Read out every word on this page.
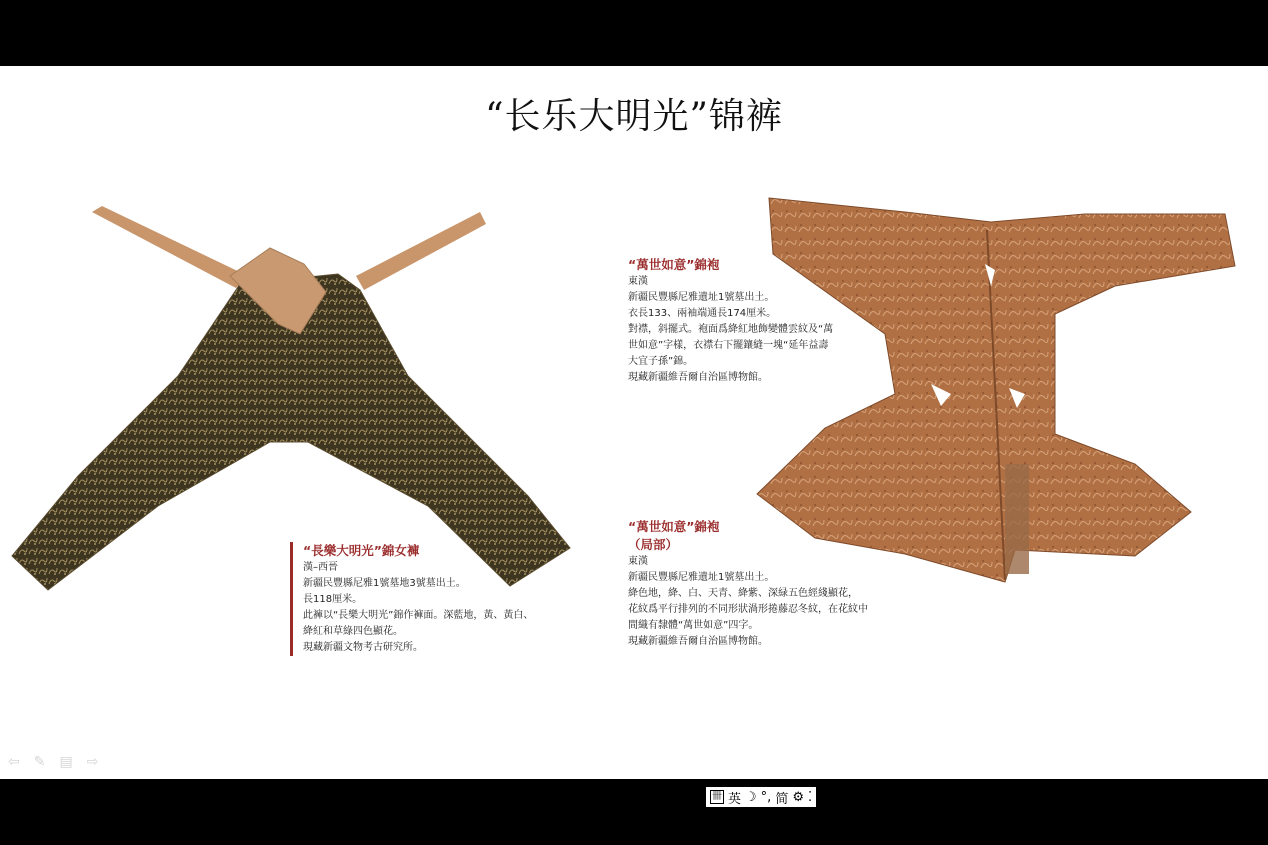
“长乐大明光”锦裤
“長樂大明光”錦女褲
漢–西晉
新疆民豐縣尼雅1號墓地3號墓出土。
長118厘米。
此褲以“長樂大明光”錦作褲面。深藍地，黃、黃白、
絳紅和草綠四色顯花。
現藏新疆文物考古研究所。
“萬世如意”錦袍
東漢
新疆民豐縣尼雅遺址1號墓出土。
衣長133、兩袖端通長174厘米。
對襟，斜擺式。袍面爲絳紅地飾變體雲紋及“萬
世如意”字樣，衣襟右下擺鑲縫一塊“延年益壽
大宜子孫”錦。
現藏新疆維吾爾自治區博物館。
“萬世如意”錦袍
（局部）
東漢
新疆民豐縣尼雅遺址1號墓出土。
絳色地，絳、白、天青、絳紫、深緑五色經綫顯花，
花紋爲平行排列的不同形狀渦形捲藤忍冬紋，在花紋中
間織有隸體“萬世如意”四字。
現藏新疆維吾爾自治區博物館。
⇦ ✎ ▤ ⇨
卌 英 ☽ °, 简 ⚙ ⁚
